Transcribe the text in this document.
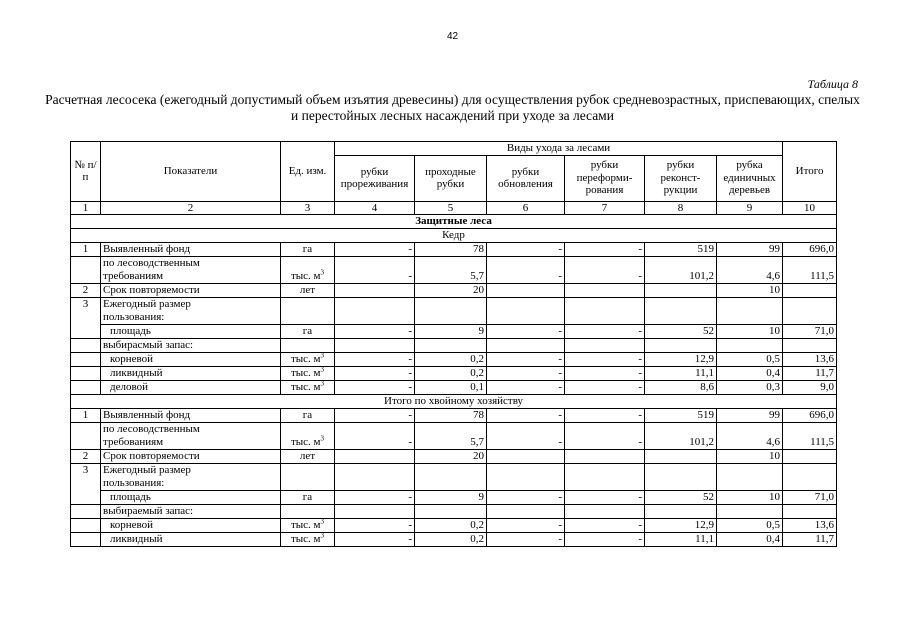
42
Таблица 8
Расчетная лесосека (ежегодный допустимый объем изъятия древесины) для осуществления рубок средневозрастных, приспевающих, спелых и перестойных лесных насаждений при уходе за лесами
№ п/п	Показатели	Ед. изм.	Виды ухода за лесами						Итого
			рубки прореживания	проходные рубки	рубки обновления	рубки переформи-рования	рубки реконст-рукции	рубка единичных деревьев	
1	2	3	4	5	6	7	8	9	10
Защитные леса									
Кедр									
1	Выявленный фонд	га	-	78	-	-	519	99	696,0
	по лесоводственным
требованиям	тыс. $м^3$	-	5,7	-	-	101,2	4,6	111,5
2	Срок повторяемости	лет		20				10	
3	Ежегодный размер
пользования:								
	площадь	га	-	9	-	-	52	10	71,0
	выбирасмый запас:								
	корневой	тыс. $м^3$	-	0,2	-	-	12,9	0,5	13,6
	ликвидный	тыс. $м^3$	-	0,2	-	-	11,1	0,4	11,7
	деловой	тыс. $м^3$	-	0,1	-	-	8,6	0,3	9,0
Итого по хвойному хозяйству									
1	Выявленный фонд	га	-	78	-	-	519	99	696,0
	по лесоводственным
требованиям	тыс. $м^3$	-	5,7	-	-	101,2	4,6	111,5
2	Срок повторяемости	лет		20				10	
3	Ежегодный размер
пользования:								
	площадь	га	-	9	-	-	52	10	71,0
	выбираемый запас:								
	корневой	тыс. $м^3$	-	0,2	-	-	12,9	0,5	13,6
	ликвидный	тыс. $м^3$	-	0,2	-	-	11,1	0,4	11,7
